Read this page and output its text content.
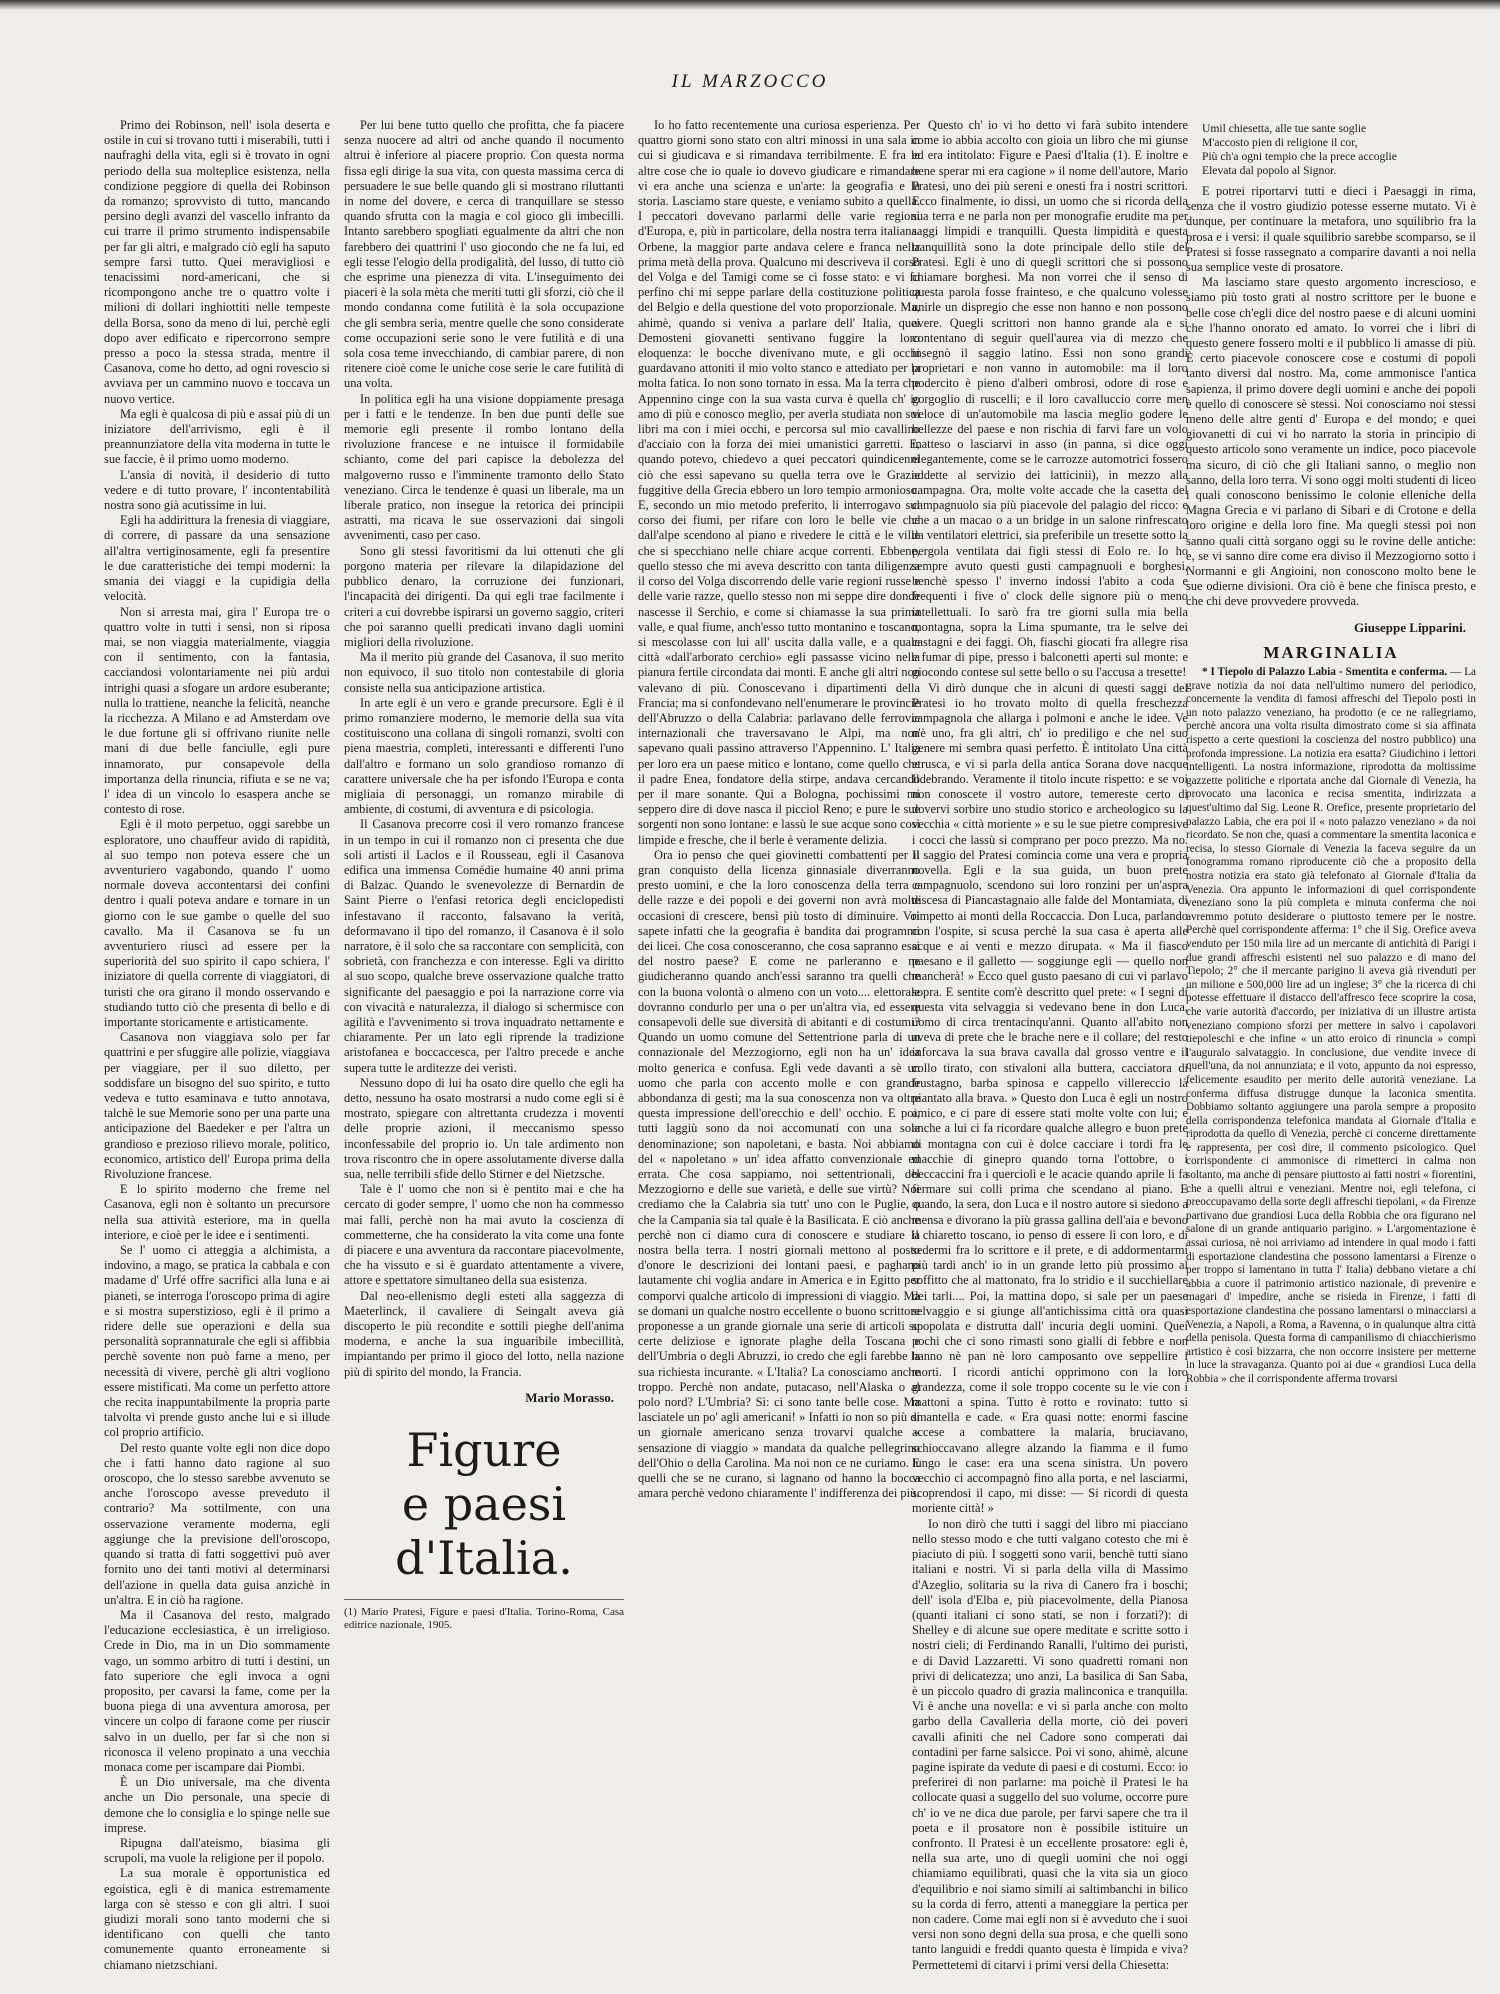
IL MARZOCCO

Primo dei Robinson, nell' isola deserta e ostile in cui si trovano tutti i miserabili, tutti i naufraghi della vita, egli si è trovato in ogni periodo della sua molteplice esistenza, nella condizione peggiore di quella dei Robinson da romanzo; sprovvisto di tutto, mancando persino degli avanzi del vascello infranto da cui trarre il primo strumento indispensabile per far gli altri, e malgrado ciò egli ha saputo sempre farsi tutto. Quei meravigliosi e tenacissimi nord-americani, che si ricompongono anche tre o quattro volte i milioni di dollari inghiottiti nelle tempeste della Borsa, sono da meno di lui, perchè egli dopo aver edificato e ripercorrono sempre presso a poco la stessa strada, mentre il Casanova, come ho detto, ad ogni rovescio si avviava per un cammino nuovo e toccava un nuovo vertice.

Ma egli è qualcosa di più e assai più di un iniziatore dell'arrivismo, egli è il preannunziatore della vita moderna in tutte le sue faccie, è il primo uomo moderno.

L'ansia di novità, il desiderio di tutto vedere e di tutto provare, l' incontentabilità nostra sono già acutissime in lui.

Egli ha addirittura la frenesia di viaggiare, di correre, di passare da una sensazione all'altra vertiginosamente, egli fa presentire le due caratteristiche dei tempi moderni: la smania dei viaggi e la cupidigia della velocità.

Non si arresta mai, gira l' Europa tre o quattro volte in tutti i sensi, non si riposa mai, se non viaggia materialmente, viaggia con il sentimento, con la fantasia, cacciandosi volontariamente nei più ardui intrighi quasi a sfogare un ardore esuberante; nulla lo trattiene, neanche la felicità, neanche la ricchezza. A Milano e ad Amsterdam ove le due fortune gli si offrivano riunite nelle mani di due belle fanciulle, egli pure innamorato, pur consapevole della importanza della rinuncia, rifiuta e se ne va; l' idea di un vincolo lo esaspera anche se contesto di rose.

Egli è il moto perpetuo, oggi sarebbe un esploratore, uno chauffeur avido di rapidità, al suo tempo non poteva essere che un avventuriero vagabondo, quando l' uomo normale doveva accontentarsi dei confini dentro i quali poteva andare e tornare in un giorno con le sue gambe o quelle del suo cavallo. Ma il Casanova se fu un avventuriero riuscì ad essere per la superiorità del suo spirito il capo schiera, l' iniziatore di quella corrente di viaggiatori, di turisti che ora girano il mondo osservando e studiando tutto ciò che presenta di bello e di importante storicamente e artisticamente.

Casanova non viaggiava solo per far quattrini e per sfuggire alle polizie, viaggiava per viaggiare, per il suo diletto, per soddisfare un bisogno del suo spirito, e tutto vedeva e tutto esaminava e tutto annotava, talchè le sue Memorie sono per una parte una anticipazione del Baedeker e per l'altra un grandioso e prezioso rilievo morale, politico, economico, artistico dell' Europa prima della Rivoluzione francese.

E lo spirito moderno che freme nel Casanova, egli non è soltanto un precursore nella sua attività esteriore, ma in quella interiore, e cioè per le idee e i sentimenti.

Se l' uomo ci atteggia a alchimista, a indovino, a mago, se pratica la cabbala e con madame d' Urfé offre sacrifici alla luna e ai pianeti, se interroga l'oroscopo prima di agire e si mostra superstizioso, egli è il primo a ridere delle sue operazioni e della sua personalità soprannaturale che egli si affibbia perchè sovente non può farne a meno, per necessità di vivere, perchè gli altri vogliono essere mistificati. Ma come un perfetto attore che recita inappuntabilmente la propria parte talvolta vi prende gusto anche lui e si illude col proprio artificio.

Del resto quante volte egli non dice dopo che i fatti hanno dato ragione al suo oroscopo, che lo stesso sarebbe avvenuto se anche l'oroscopo avesse preveduto il contrario? Ma sottilmente, con una osservazione veramente moderna, egli aggiunge che la previsione dell'oroscopo, quando si tratta di fatti soggettivi può aver fornito uno dei tanti motivi al determinarsi dell'azione in quella data guisa anzichè in un'altra. E in ciò ha ragione.

Ma il Casanova del resto, malgrado l'educazione ecclesiastica, è un irreligioso. Crede in Dio, ma in un Dio sommamente vago, un sommo arbitro di tutti i destini, un fato superiore che egli invoca a ogni proposito, per cavarsi la fame, come per la buona piega di una avventura amorosa, per vincere un colpo di faraone come per riuscir salvo in un duello, per far sì che non si riconosca il veleno propinato a una vecchia monaca come per iscampare dai Piombi.

È un Dio universale, ma che diventa anche un Dio personale, una specie di demone che lo consiglia e lo spinge nelle sue imprese.

Ripugna dall'ateismo, biasima gli scrupoli, ma vuole la religione per il popolo.

La sua morale è opportunistica ed egoistica, egli è di manica estremamente larga con sè stesso e con gli altri. I suoi giudizi morali sono tanto moderni che si identificano con quelli che tanto comunemente quanto erroneamente si chiamano nietzschiani.

Per lui bene tutto quello che profitta, che fa piacere senza nuocere ad altri od anche quando il nocumento altrui è inferiore al piacere proprio. Con questa norma fissa egli dirige la sua vita, con questa massima cerca di persuadere le sue belle quando gli si mostrano riluttanti in nome del dovere, e cerca di tranquillare se stesso quando sfrutta con la magia e col gioco gli imbecilli. Intanto sarebbero spogliati egualmente da altri che non farebbero dei quattrini l' uso giocondo che ne fa lui, ed egli tesse l'elogio della prodigalità, del lusso, di tutto ciò che esprime una pienezza di vita. L'inseguimento dei piaceri è la sola mèta che meriti tutti gli sforzi, ciò che il mondo condanna come futilità è la sola occupazione che gli sembra seria, mentre quelle che sono considerate come occupazioni serie sono le vere futilità e di una sola cosa teme invecchiando, di cambiar parere, di non ritenere cioè come le uniche cose serie le care futilità di una volta.

In politica egli ha una visione doppiamente presaga per i fatti e le tendenze. In ben due punti delle sue memorie egli presente il rombo lontano della rivoluzione francese e ne intuisce il formidabile schianto, come del pari capisce la debolezza del malgoverno russo e l'imminente tramonto dello Stato veneziano. Circa le tendenze è quasi un liberale, ma un liberale pratico, non insegue la retorica dei principii astratti, ma ricava le sue osservazioni dai singoli avvenimenti, caso per caso.

Sono gli stessi favoritismi da lui ottenuti che gli porgono materia per rilevare la dilapidazione del pubblico denaro, la corruzione dei funzionari, l'incapacità dei dirigenti. Da qui egli trae facilmente i criteri a cui dovrebbe ispirarsi un governo saggio, criteri che poi saranno quelli predicati invano dagli uomini migliori della rivoluzione.

Ma il merito più grande del Casanova, il suo merito non equivoco, il suo titolo non contestabile di gloria consiste nella sua anticipazione artistica.

In arte egli è un vero e grande precursore. Egli è il primo romanziere moderno, le memorie della sua vita costituiscono una collana di singoli romanzi, svolti con piena maestria, completi, interessanti e differenti l'uno dall'altro e formano un solo grandioso romanzo di carattere universale che ha per isfondo l'Europa e conta migliaia di personaggi, un romanzo mirabile di ambiente, di costumi, di avventura e di psicologia.

Il Casanova precorre così il vero romanzo francese in un tempo in cui il romanzo non ci presenta che due soli artisti il Laclos e il Rousseau, egli il Casanova edifica una immensa Comédie humaine 40 anni prima di Balzac. Quando le svenevolezze di Bernardin de Saint Pierre o l'enfasi retorica degli enciclopedisti infestavano il racconto, falsavano la verità, deformavano il tipo del romanzo, il Casanova è il solo narratore, è il solo che sa raccontare con semplicità, con sobrietà, con franchezza e con interesse. Egli va diritto al suo scopo, qualche breve osservazione qualche tratto significante del paesaggio e poi la narrazione corre via con vivacità e naturalezza, il dialogo si schermisce con agilità e l'avvenimento si trova inquadrato nettamente e chiaramente. Per un lato egli riprende la tradizione aristofanea e boccaccesca, per l'altro precede e anche supera tutte le arditezze dei veristi.

Nessuno dopo di lui ha osato dire quello che egli ha detto, nessuno ha osato mostrarsi a nudo come egli si è mostrato, spiegare con altrettanta crudezza i moventi delle proprie azioni, il meccanismo spesso inconfessabile del proprio io. Un tale ardimento non trova riscontro che in opere assolutamente diverse dalla sua, nelle terribili sfide dello Stirner e del Nietzsche.

Tale è l' uomo che non si è pentito mai e che ha cercato di goder sempre, l' uomo che non ha commesso mai falli, perchè non ha mai avuto la coscienza di commetterne, che ha considerato la vita come una fonte di piacere e una avventura da raccontare piacevolmente, che ha vissuto e si è guardato attentamente a vivere, attore e spettatore simultaneo della sua esistenza.

Dal neo-ellenismo degli esteti alla saggezza di Maeterlinck, il cavaliere di Seingalt aveva già discoperto le più recondite e sottili pieghe dell'anima moderna, e anche la sua inguaribile imbecillità, impiantando per primo il gioco del lotto, nella nazione più di spirito del mondo, la Francia.

Mario Morasso.
Figure
e paesi d'Italia.
(1) Mario Pratesi, Figure e paesi d'Italia. Torino-Roma, Casa editrice nazionale, 1905.

Io ho fatto recentemente una curiosa esperienza. Per quattro giorni sono stato con altri minossi in una sala in cui si giudicava e si rimandava terribilmente. E fra le altre cose che io quale io dovevo giudicare e rimandare vi era anche una scienza e un'arte: la geografia e la storia. Lasciamo stare queste, e veniamo subito a quella. I peccatori dovevano parlarmi delle varie regioni d'Europa, e, più in particolare, della nostra terra italiana. Orbene, la maggior parte andava celere e franca nella prima metà della prova. Qualcuno mi descriveva il corso del Volga e del Tamigi come se ci fosse stato: e vi fu perfino chi mi seppe parlare della costituzione politica del Belgio e della questione del voto proporzionale. Ma, ahimè, quando si veniva a parlare dell' Italia, quei Demosteni giovanetti sentivano fuggire la loro eloquenza: le bocche divenivano mute, e gli occhi guardavano attoniti il mio volto stanco e attediato per la molta fatica. Io non sono tornato in essa. Ma la terra che Appennino cinge con la sua vasta curva è quella ch' io amo di più e conosco meglio, per averla studiata non sui libri ma con i miei occhi, e percorsa sul mio cavallino d'acciaio con la forza dei miei umanistici garretti. E, quando potevo, chiedevo a quei peccatori quindicenni ciò che essi sapevano su quella terra ove le Grazie fuggitive della Grecia ebbero un loro tempio armonioso. E, secondo un mio metodo preferito, li interrogavo sul corso dei fiumi, per rifare con loro le belle vie che dall'alpe scendono al piano e rivedere le città e le ville che si specchiano nelle chiare acque correnti. Ebbene, quello stesso che mi aveva descritto con tanta diligenza il corso del Volga discorrendo delle varie regioni russe e delle varie razze, quello stesso non mi seppe dire donde nascesse il Serchio, e come si chiamasse la sua prima valle, e qual fiume, anch'esso tutto montanino e toscano, si mescolasse con lui all' uscita dalla valle, e a quale città «dall'arborato cerchio» egli passasse vicino nella pianura fertile circondata dai monti. E anche gli altri non valevano di più. Conoscevano i dipartimenti della Francia; ma si confondevano nell'enumerare le provincie dell'Abruzzo o della Calabria: parlavano delle ferrovie internazionali che traversavano le Alpi, ma non sapevano quali passino attraverso l'Appennino. L' Italia per loro era un paese mitico e lontano, come quello che il padre Enea, fondatore della stirpe, andava cercando per il mare sonante. Qui a Bologna, pochissimi mi seppero dire di dove nasca il picciol Reno; e pure le sue sorgenti non sono lontane: e lassù le sue acque sono così limpide e fresche, che il berle è veramente delizia.

Ora io penso che quei giovinetti combattenti per il gran conquisto della licenza ginnasiale diverranno presto uomini, e che la loro conoscenza della terra e delle razze e dei popoli e dei governi non avrà molte occasioni di crescere, bensì più tosto di diminuire. Voi sapete infatti che la geografia è bandita dai programmi dei licei. Che cosa conosceranno, che cosa sapranno essi del nostro paese? E come ne parleranno e ne giudicheranno quando anch'essi saranno tra quelli che con la buona volontà o almeno con un voto.... elettorale dovranno condurlo per una o per un'altra via, ed essere consapevoli delle sue diversità di abitanti e di costumi? Quando un uomo comune del Settentrione parla di un connazionale del Mezzogiorno, egli non ha un' idea molto generica e confusa. Egli vede davanti a sè un uomo che parla con accento molle e con grande abbondanza di gesti; ma la sua conoscenza non va oltre questa impressione dell'orecchio e dell' occhio. E poi, tutti laggiù sono da noi accomunati con una sola denominazione; son napoletani, e basta. Noi abbiamo del « napoletano » un' idea affatto convenzionale ed errata. Che cosa sappiamo, noi settentrionali, del Mezzogiorno e delle sue varietà, e delle sue virtù? Noi crediamo che la Calabria sia tutt' uno con le Puglie, o che la Campania sia tal quale è la Basilicata. E ciò anche perchè non ci diamo cura di conoscere e studiare la nostra bella terra. I nostri giornali mettono al posto d'onore le descrizioni dei lontani paesi, e paghano lautamente chi voglia andare in America e in Egitto per comporvi qualche articolo di impressioni di viaggio. Ma se domani un qualche nostro eccellente o buono scrittore proponesse a un grande giornale una serie di articoli su certe deliziose e ignorate plaghe della Toscana e dell'Umbria o degli Abruzzi, io credo che egli farebbe la sua richiesta incurante. « L'Italia? La conosciamo anche troppo. Perchè non andate, putacaso, nell'Alaska o al polo nord? L'Umbria? Sì: ci sono tante belle cose. Ma lasciatele un po' agli americani! » Infatti io non so più di un giornale americano senza trovarvi qualche « sensazione di viaggio » mandata da qualche pellegrino dell'Ohio o della Carolina. Ma noi non ce ne curiamo. E quelli che se ne curano, si lagnano od hanno la bocca amara perchè vedono chiaramente l' indifferenza dei più.

Questo ch' io vi ho detto vi farà subito intendere come io abbia accolto con gioia un libro che mi giunse ed era intitolato: Figure e Paesi d'Italia (1). E inoltre e bene sperar mi era cagione » il nome dell'autore, Mario Pratesi, uno dei più sereni e onesti fra i nostri scrittori. Ecco finalmente, io dissi, un uomo che si ricorda della sua terra e ne parla non per monografie erudite ma per saggi limpidi e tranquilli. Questa limpidità e questa tranquillità sono la dote principale dello stile del Pratesi. Egli è uno di quegli scrittori che si possono chiamare borghesi. Ma non vorrei che il senso di questa parola fosse frainteso, e che qualcuno volesse unirle un dispregio che esse non hanno e non possono avere. Quegli scrittori non hanno grande ala e si contentano di seguir quell'aurea via di mezzo che insegnò il saggio latino. Essi non sono grandi proprietari e non vanno in automobile: ma il loro podercito è pieno d'alberi ombrosi, odore di rose e gorgoglio di ruscelli; e il loro cavalluccio corre men veloce di un'automobile ma lascia meglio godere le bellezze del paese e non rischia di farvi fare un volo inatteso o lasciarvi in asso (in panna, si dice oggi elegantemente, come se le carrozze automotrici fossero addette al servizio dei latticinii), in mezzo alla campagna. Ora, molte volte accade che la casetta del campagnuolo sia più piacevole del palagio del ricco: e che a un macao o a un bridge in un salone rinfrescato da ventilatori elettrici, sia preferibile un tresette sotto la pergola ventilata dai figli stessi di Eolo re. Io ho sempre avuto questi gusti campagnuoli e borghesi, benchè spesso l' inverno indossi l'abito a coda e frequenti i five o' clock delle signore più o meno intellettuali. Io sarò fra tre giorni sulla mia bella montagna, sopra la Lima spumante, tra le selve dei castagni e dei faggi. Oh, fiaschi giocati fra allegre risa e fumar di pipe, presso i balconetti aperti sul monte: e giocondo contese sul sette bello o su l'accusa a tresette!

Vi dirò dunque che in alcuni di questi saggi del Pratesi io ho trovato molto di quella freschezza campagnola che allarga i polmoni e anche le idee. Ve n'è uno, fra gli altri, ch' io prediligo e che nel suo genere mi sembra quasi perfetto. È intitolato Una città etrusca, e vi si parla della antica Sorana dove nacque Ildebrando. Veramente il titolo incute rispetto: e se voi non conoscete il vostro autore, temereste certo di dovervi sorbire uno studio storico e archeologico su la vecchia « città moriente » e su le sue pietre compresive i cocci che lassù si comprano per poco prezzo. Ma no. Il saggio del Pratesi comincia come una vera e propria novella. Egli e la sua guida, un buon prete campagnuolo, scendono sui loro ronzini per un'aspra discesa di Piancastagnaio alle falde del Montamiata, di rimpetto ai monti della Roccaccia. Don Luca, parlando con l'ospite, si scusa perchè la sua casa è aperta alle acque e ai venti e mezzo dirupata. « Ma il fiasco paesano e il galletto — soggiunge egli — quello non mancherà! » Ecco quel gusto paesano di cui vi parlavo sopra. E sentite com'è descritto quel prete: « I segni di questa vita selvaggia si vedevano bene in don Luca, uomo di circa trentacinqu'anni. Quanto all'abito non aveva di prete che le brache nere e il collare; del resto inforcava la sua brava cavalla dal grosso ventre e il collo tirato, con stivaloni alla buttera, cacciatora di frustagno, barba spinosa e cappello villereccio là piantato alla brava. » Questo don Luca è egli un nostro amico, e ci pare di essere stati molte volte con lui; e anche a lui ci fa ricordare qualche allegro e buon prete di montagna con cui è dolce cacciare i tordi fra le macchie di ginepro quando torna l'ottobre, o i beccaccini fra i querciolì e le acacie quando aprile li fa fermare sui colli prima che scendano al piano. E quando, la sera, don Luca e il nostro autore si siedono a mensa e divorano la più grassa gallina dell'aia e bevono il chiaretto toscano, io penso di essere lì con loro, e di sedermi fra lo scrittore e il prete, e di addormentarmi più tardi anch' io in un grande letto più prossimo al soffitto che al mattonato, fra lo stridio e il succhiellare dei tarli.... Poi, la mattina dopo, si sale per un paese selvaggio e si giunge all'antichissima città ora quasi spopolata e distrutta dall' incuria degli uomini. Quei pochi che ci sono rimasti sono gialli di febbre e non hanno nè pan nè loro camposanto ove seppellire i morti. I ricordi antichi opprimono con la loro grandezza, come il sole troppo cocente su le vie con i mattoni a spina. Tutto è rotto e rovinato: tutto si smantella e cade. « Era quasi notte: enormi fascine accese a combattere la malaria, bruciavano, schioccavano allegre alzando la fiamma e il fumo lungo le case: era una scena sinistra. Un povero vecchio ci accompagnò fino alla porta, e nel lasciarmi, scoprendosi il capo, mi disse: — Si ricordi di questa moriente città! »

Io non dirò che tutti i saggi del libro mi piacciano nello stesso modo e che tutti valgano cotesto che mi è piaciuto di più. I soggetti sono varii, benchè tutti siano italiani e nostri. Vi si parla della villa di Massimo d'Azeglio, solitaria su la riva di Canero fra i boschi; dell' isola d'Elba e, più piacevolmente, della Pianosa (quanti italiani ci sono stati, se non i forzati?): di Shelley e di alcune sue opere meditate e scritte sotto i nostri cieli; di Ferdinando Ranalli, l'ultimo dei puristi, e di David Lazzaretti. Vi sono quadretti romani non privi di delicatezza; uno anzi, La basilica di San Saba, è un piccolo quadro di grazia malinconica e tranquilla. Vi è anche una novella: e vi si parla anche con molto garbo della Cavalleria della morte, ciò dei poveri cavalli afiniti che nel Cadore sono comperati dai contadini per farne salsicce. Poi vi sono, ahimè, alcune pagine ispirate da vedute di paesi e di costumi. Ecco: io preferirei di non parlarne: ma poichè il Pratesi le ha collocate quasi a suggello del suo volume, occorre pure ch' io ve ne dica due parole, per farvi sapere che tra il poeta e il prosatore non è possibile istituire un confronto. Il Pratesi è un eccellente prosatore: egli è, nella sua arte, uno di quegli uomini che noi oggi chiamiamo equilibrati, quasi che la vita sia un gioco d'equilibrio e noi siamo simili ai saltimbanchi in bilico su la corda di ferro, attenti a maneggiare la pertica per non cadere. Come mai egli non si è avveduto che i suoi versi non sono degni della sua prosa, e che quelli sono tanto languidi e freddi quanto questa è limpida e viva? Permettetemi di citarvi i primi versi della Chiesetta:

Umil chiesetta, alle tue sante soglie
M'accosto pien di religione il cor,
Più ch'a ogni tempio che la prece accoglie
Elevata dal popolo al Signor.

E potrei riportarvi tutti e dieci i Paesaggi in rima, senza che il vostro giudizio potesse esserne mutato. Vi è dunque, per continuare la metafora, uno squilibrio fra la prosa e i versi: il quale squilibrio sarebbe scomparso, se il Pratesi si fosse rassegnato a comparire davanti a noi nella sua semplice veste di prosatore.

Ma lasciamo stare questo argomento increscioso, e siamo più tosto grati al nostro scrittore per le buone e belle cose ch'egli dice del nostro paese e di alcuni uomini che l'hanno onorato ed amato. Io vorrei che i libri di questo genere fossero molti e il pubblico li amasse di più. È certo piacevole conoscere cose e costumi di popoli tanto diversi dal nostro. Ma, come ammonisce l'antica sapienza, il primo dovere degli uomini e anche dei popoli è quello di conoscere sè stessi. Noi conosciamo noi stessi meno delle altre genti d' Europa e del mondo; e quei giovanetti di cui vi ho narrato la storia in principio di questo articolo sono veramente un indice, poco piacevole ma sicuro, di ciò che gli Italiani sanno, o meglio non sanno, della loro terra. Vi sono oggi molti studenti di liceo i quali conoscono benissimo le colonie elleniche della Magna Grecia e vi parlano di Sibari e di Crotone e della loro origine e della loro fine. Ma quegli stessi poi non sanno quali città sorgano oggi su le rovine delle antiche: e, se vi sanno dire come era diviso il Mezzogiorno sotto i Normanni e gli Angioini, non conoscono molto bene le sue odierne divisioni. Ora ciò è bene che finisca presto, e che chi deve provvedere provveda.

Giuseppe Lipparini.
MARGINALIA

* I Tiepolo di Palazzo Labia - Smentita e conferma. — La grave notizia da noi data nell'ultimo numero del periodico, concernente la vendita di famosi affreschi del Tiepolo posti in un noto palazzo veneziano, ha prodotto (e ce ne rallegriamo, perchè ancora una volta risulta dimostrato come si sia affinata rispetto a certe questioni la coscienza del nostro pubblico) una profonda impressione. La notizia era esatta? Giudichino i lettori intelligenti. La nostra informazione, riprodotta da moltissime gazzette politiche e riportata anche dal Giornale di Venezia, ha provocato una laconica e recisa smentita, indirizzata a quest'ultimo dal Sig. Leone R. Orefice, presente proprietario del palazzo Labia, che era poi il « noto palazzo veneziano » da noi ricordato. Se non che, quasi a commentare la smentita laconica e recisa, lo stesso Giornale di Venezia la faceva seguire da un fonogramma romano riproducente ciò che a proposito della nostra notizia era stato già telefonato al Giornale d'Italia da Venezia. Ora appunto le informazioni di quel corrispondente veneziano sono la più completa e minuta conferma che noi avremmo potuto desiderare o piuttosto temere per le nostre. Perchè quel corrispondente afferma: 1° che il Sig. Orefice aveva venduto per 150 mila lire ad un mercante di antichità di Parigi i due grandi affreschi esistenti nel suo palazzo e di mano del Tiepolo; 2° che il mercante parigino li aveva già rivenduti per un milione e 500,000 lire ad un inglese; 3° che la ricerca di chi potesse effettuare il distacco dell'affresco fece scoprire la cosa, che varie autorità d'accordo, per iniziativa di un illustre artista veneziano compiono sforzi per mettere in salvo i capolavori tiepoleschi e che infine « un atto eroico di rinuncia » compì l'auguralo salvataggio. In conclusione, due vendite invece di quell'una, da noi annunziata; e il voto, appunto da noi espresso, felicemente esaudito per merito delle autorità veneziane. La conferma diffusa distrugge dunque la laconica smentita. Dobbiamo soltanto aggiungere una parola sempre a proposito della corrispondenza telefonica mandata al Giornale d'Italia e riprodotta da quello di Venezia, perchè ci concerne direttamente e rappresenta, per così dire, il commento psicologico. Quel corrispondente ci ammonisce di rimetterci in calma non soltanto, ma anche di pensare piuttosto ai fatti nostri « fiorentini, che a quelli altrui e veneziani. Mentre noi, egli telefona, ci preoccupavamo della sorte degli affreschi tiepolani, « da Firenze partivano due grandiosi Luca della Robbia che ora figurano nel salone di un grande antiquario parigino. » L'argomentazione è assai curiosa, nè noi arriviamo ad intendere in qual modo i fatti di esportazione clandestina che possono lamentarsi a Firenze o per troppo si lamentano in tutta l' Italia) debbano vietare a chi abbia a cuore il patrimonio artistico nazionale, di prevenire e magari d' impedire, anche se risieda in Firenze, i fatti di esportazione clandestina che possano lamentarsi o minacciarsi a Venezia, a Napoli, a Roma, a Ravenna, o in qualunque altra città della penisola. Questa forma di campanilismo di chiacchierismo artistico è così bizzarra, che non occorre insistere per metterne in luce la stravaganza. Quanto poi ai due « grandiosi Luca della Robbia » che il corrispondente afferma trovarsi
